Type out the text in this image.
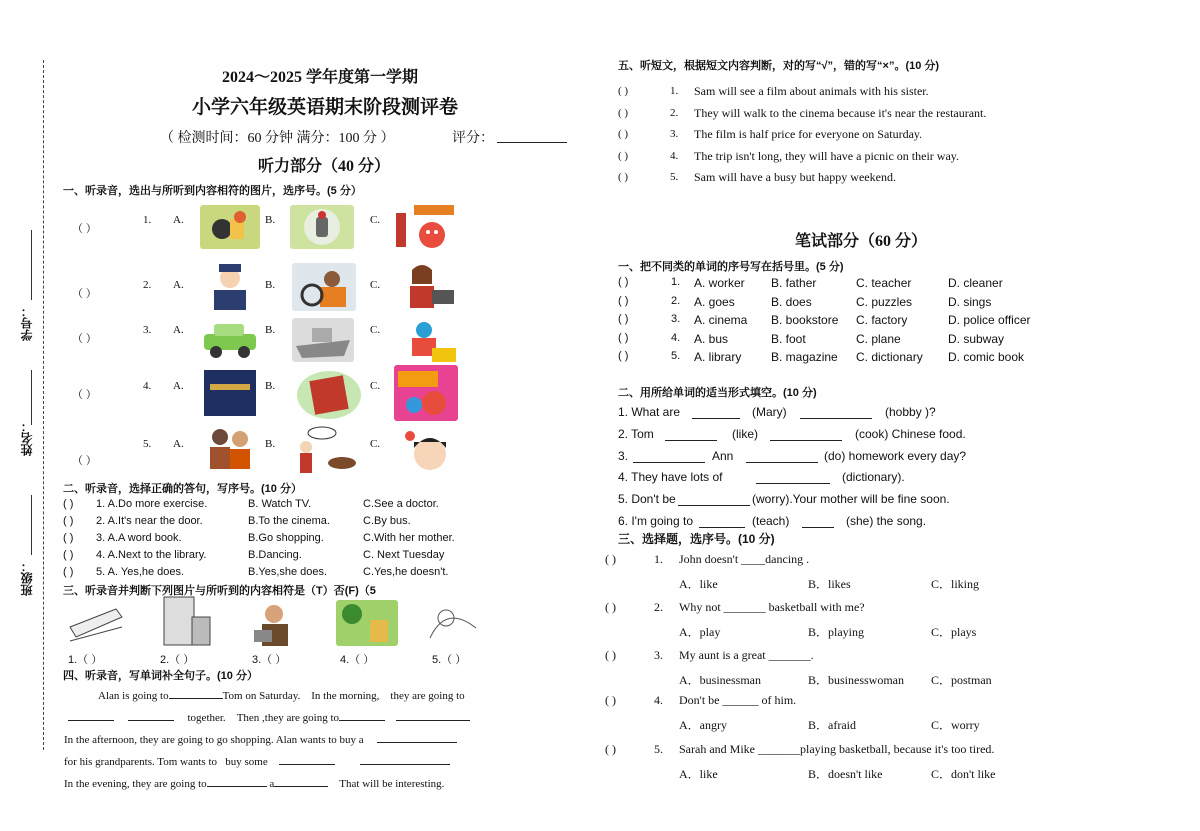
学号：
姓名：
班级：
2024～2025 学年度第一学期
小学六年级英语期末阶段测评卷
（ 检测时间：60 分钟 满分：100 分 ）	评分：
听力部分（40 分）
一、听录音，选出与所听到内容相符的图片，选序号。(5 分）
（ ）
1. A.	B.	C.
（ ）
2. A.	B.	C.
（ ）
3. A.	B.	C.
（ ）
4. A.	B.	C.
（ ）
5. A.	B.	C.
二、听录音，选择正确的答句，写序号。(10 分）
( ) 1. A.Do more exercise.	B. Watch TV.	C.See a doctor.
( ) 2. A.It's near the door.	B.To the cinema.	C.By bus.
( ) 3. A.A word book.	B.Go shopping.	C.With her mother.
( ) 4. A.Next to the library.	B.Dancing.	C. Next Tuesday
( ) 5. A. Yes,he does.	B.Yes,she does.	C.Yes,he doesn't.
三、听录音并判断下列图片与所听到的内容相符是（T）否(F)（5
1.（ ）	2.（ ）	3.（ ）	4.（ ）	5.（ ）
四、听录音，写单词补全句子。(10 分）
Alan is going to	Tom on Saturday. In the morning, they are going to
together. Then ,they are going to
In the afternoon, they are going to go shopping. Alan wants to buy a
for his grandparents. Tom wants to buy some
In the evening, they are going to	a	That will be interesting.
五、听短文，根据短文内容判断，对的写“√”，错的写“×”。(10 分)
( )	1. Sam will see a film about animals with his sister.
( )	2. They will walk to the cinema because it's near the restaurant.
( )	3. The film is half price for everyone on Saturday.
( )	4. The trip isn't long, they will have a picnic on their way.
( )	5. Sam will have a busy but happy weekend.
笔试部分（60 分）
一、把不同类的单词的序号写在括号里。(5 分)
( )	1. A. worker B. father	C. teacher	D. cleaner
( )	2. A. goes	B. does	C. puzzles	D. sings
( )	3. A. cinema B. bookstore C. factory	D. police officer
( )	4. A. bus	B. foot	C. plane	D. subway
( )	5. A. library B. magazine C. dictionary D. comic book
二、用所给单词的适当形式填空。(10 分)
1. What are	(Mary)	(hobby )?
2. Tom	(like)	(cook) Chinese food.
3.	Ann	(do) homework every day?
4. They have lots of	(dictionary).
5. Don't be	(worry).Your mother will be fine soon.
6. I'm going to	(teach)	(she) the song.
三、选择题，选序号。(10 分)
( )	1. John doesn't ____dancing .
A．like	B．likes	C．liking
( )	2. Why not _______ basketball with me?
A．play	B．playing	C．plays
( )	3. My aunt is a great _______.
A．businessman	B．businesswoman C．postman
( )	4. Don't be ______ of him.
A．angry	B．afraid	C．worry
( )	5. Sarah and Mike _______playing basketball, because it's too tired.
A．like	B．doesn't like	C．don't like
